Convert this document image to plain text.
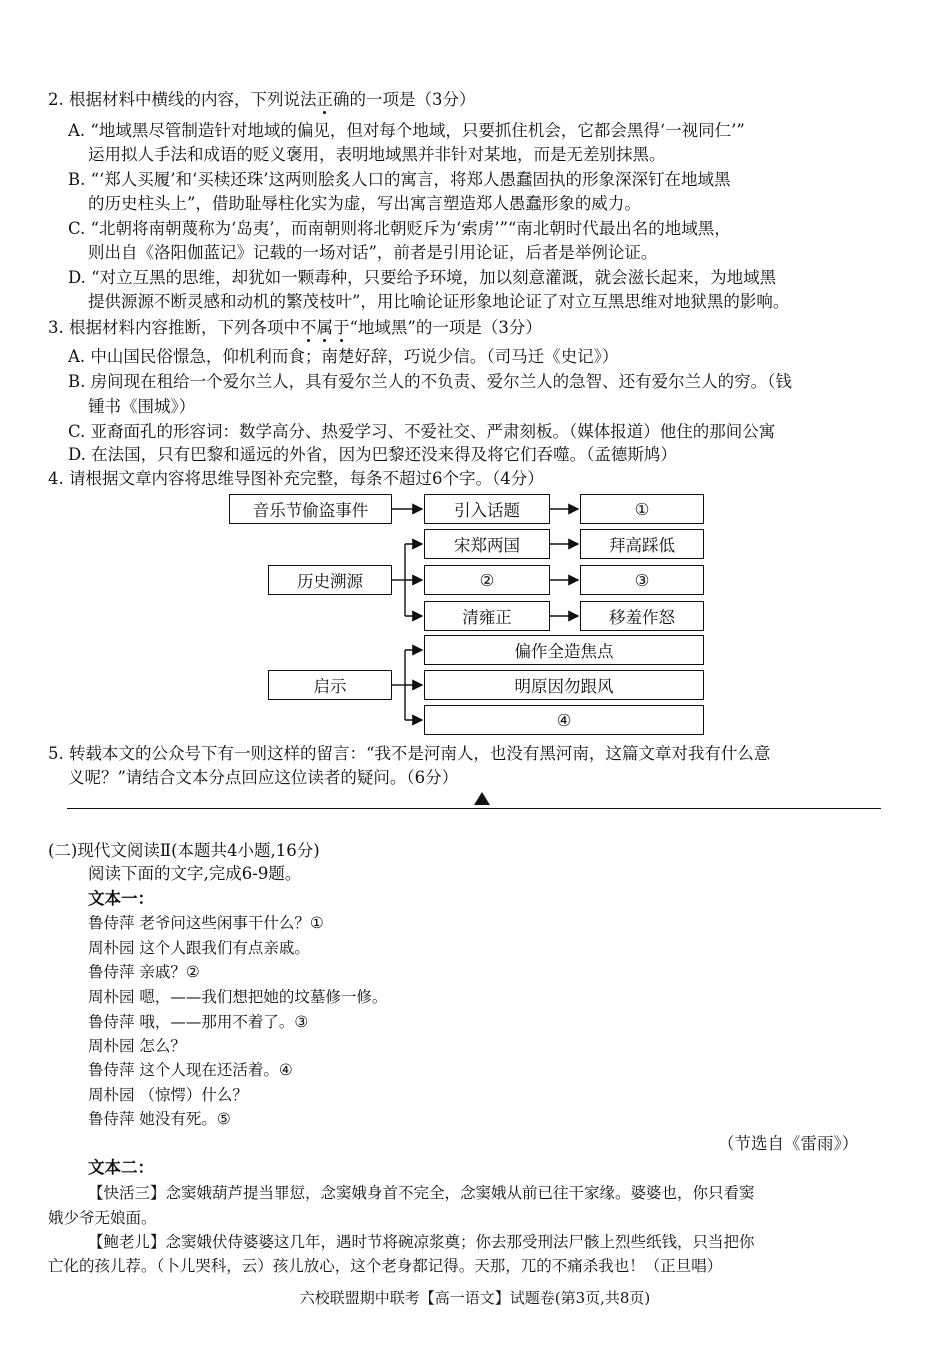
2. 根据材料中横线的内容，下列说法正确的一项是（3分）
A. “地域黑尽管制造针对地域的偏见，但对每个地域，只要抓住机会，它都会黑得‘一视同仁’”
运用拟人手法和成语的贬义褒用，表明地域黑并非针对某地，而是无差别抹黑。
B. “‘郑人买履’和‘买椟还珠’这两则脍炙人口的寓言，将郑人愚蠢固执的形象深深钉在地域黑
的历史柱头上”，借助耻辱柱化实为虚，写出寓言塑造郑人愚蠢形象的威力。
C. “北朝将南朝蔑称为‘岛夷’，而南朝则将北朝贬斥为‘索虏’”“南北朝时代最出名的地域黑，
则出自《洛阳伽蓝记》记载的一场对话”，前者是引用论证，后者是举例论证。
D. “对立互黑的思维，却犹如一颗毒种，只要给予环境，加以刻意灌溉，就会滋长起来，为地域黑
提供源源不断灵感和动机的繁茂枝叶”，用比喻论证形象地论证了对立互黑思维对地狱黑的影响。
3. 根据材料内容推断，下列各项中不属于“地域黑”的一项是（3分）
A. 中山国民俗憬急，仰机利而食；南楚好辞，巧说少信。（司马迁《史记》）
B. 房间现在租给一个爱尔兰人，具有爱尔兰人的不负责、爱尔兰人的急智、还有爱尔兰人的穷。（钱
锺书《围城》）
C. 亚裔面孔的形容词：数学高分、热爱学习、不爱社交、严肃刻板。（媒体报道）他住的那间公寓
D. 在法国，只有巴黎和遥远的外省，因为巴黎还没来得及将它们吞噬。（孟德斯鸠）
4. 请根据文章内容将思维导图补充完整，每条不超过6个字。（4分）
音乐节偷盗事件	引入话题	①
历史溯源
宋郑两国	拜高踩低
②	③
清雍正	移羞作怒
启示
偏作全造焦点
明原因勿跟风
④
5. 转载本文的公众号下有一则这样的留言：“我不是河南人，也没有黑河南，这篇文章对我有什么意
义呢？”请结合文本分点回应这位读者的疑问。（6分）
(二)现代文阅读Ⅱ(本题共4小题,16分)
阅读下面的文字,完成6-9题。
文本一：
鲁侍萍 老爷问这些闲事干什么？①
周朴园 这个人跟我们有点亲戚。
鲁侍萍 亲戚？②
周朴园 嗯，——我们想把她的坟墓修一修。
鲁侍萍 哦，——那用不着了。③
周朴园 怎么？
鲁侍萍 这个人现在还活着。④
周朴园 （惊愕）什么？
鲁侍萍 她没有死。⑤
（节选自《雷雨》）
文本二：
【快活三】念窦娥葫芦提当罪愆，念窦娥身首不完全，念窦娥从前已往干家缘。婆婆也，你只看窦
娥少爷无娘面。
【鲍老儿】念窦娥伏侍婆婆这几年，遇时节将碗凉浆奠；你去那受刑法尸骸上烈些纸钱，只当把你
亡化的孩儿荐。（卜儿哭科，云）孩儿放心，这个老身都记得。天那，兀的不痛杀我也！（正旦唱）
六校联盟期中联考【高一语文】试题卷(第3页,共8页)
